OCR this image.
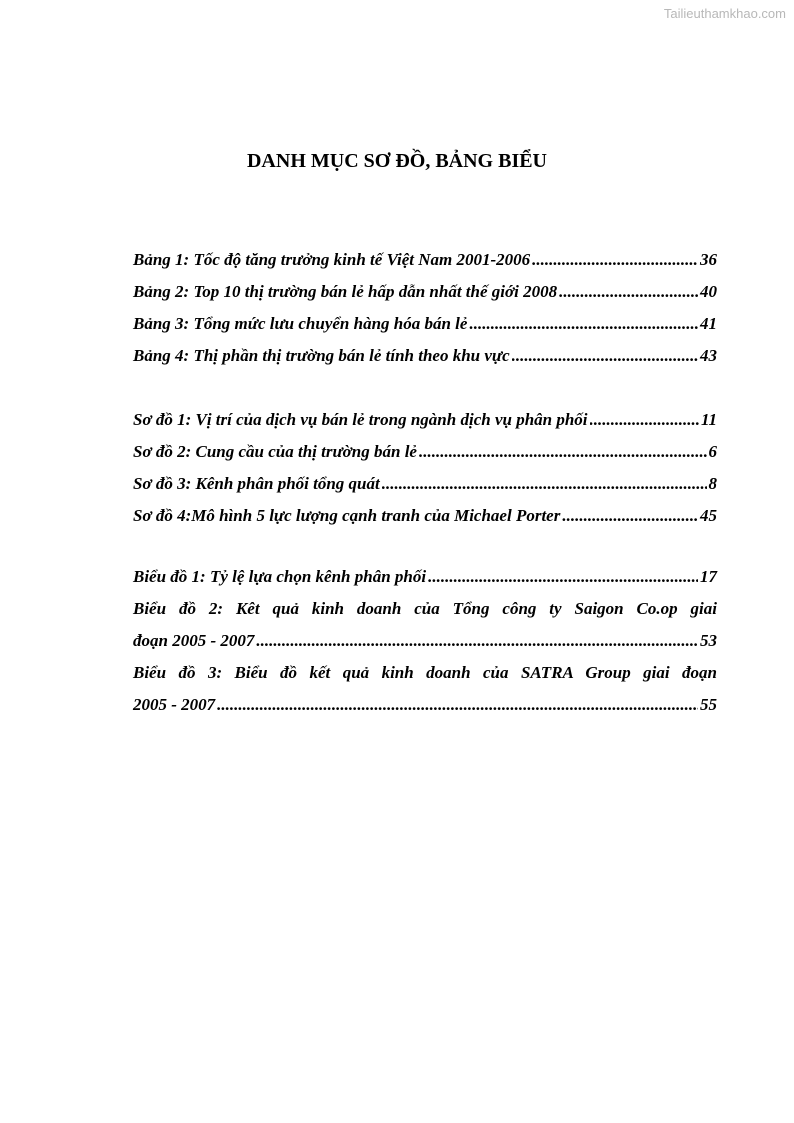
Tailieuthamkhao.com
DANH MỤC SƠ ĐỒ, BẢNG BIỂU
Bảng 1: Tốc độ tăng trưởng kinh tế Việt Nam 2001-2006 .....	36
Bảng 2: Top 10 thị trường bán lẻ hấp dẫn nhất thế giới 2008 .....	40
Bảng 3: Tổng mức lưu chuyển hàng hóa bán lẻ .....	41
Bảng 4: Thị phần thị trường bán lẻ tính theo khu vực .....	43
Sơ đồ 1: Vị trí của dịch vụ bán lẻ trong ngành dịch vụ phân phối .....	11
Sơ đồ 2: Cung cầu của thị trường bán lẻ .....	6
Sơ đồ 3: Kênh phân phối tổng quát .....	8
Sơ đồ 4:Mô hình 5 lực lượng cạnh tranh của Michael Porter .....	45
Biểu đồ 1: Tỷ lệ lựa chọn kênh phân phối .....	17
Biểu đồ 2: Kêt quả kinh doanh của Tổng công ty Saigon Co.op giai
đoạn 2005 - 2007 .....	53
Biểu đồ 3: Biểu đồ kết quả kinh doanh của SATRA Group giai đoạn
2005 - 2007 .....	55
